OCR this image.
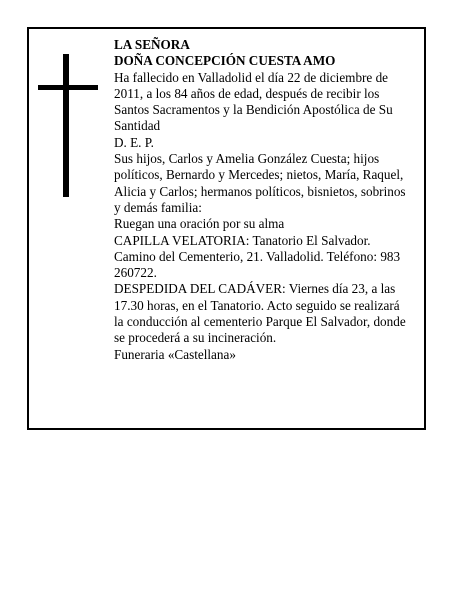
LA SEÑORA

DOÑA CONCEPCIÓN CUESTA AMO

Ha fallecido en Valladolid el día 22 de diciembre de 2011, a los 84 años de edad, después de recibir los Santos Sacramentos y la Bendición Apostólica de Su Santidad

D. E. P.

Sus hijos, Carlos y Amelia González Cuesta; hijos políticos, Bernardo y Mercedes; nietos, María, Raquel, Alicia y Carlos; hermanos políticos, bisnietos, sobrinos y demás familia:

Ruegan una oración por su alma

CAPILLA VELATORIA: Tanatorio El Salvador. Camino del Cementerio, 21. Valladolid. Teléfono: 983 260722.

DESPEDIDA DEL CADÁVER: Viernes día 23, a las 17.30 horas, en el Tanatorio. Acto seguido se realizará la conducción al cementerio Parque El Salvador, donde se procederá a su incineración.

Funeraria «Castellana»
